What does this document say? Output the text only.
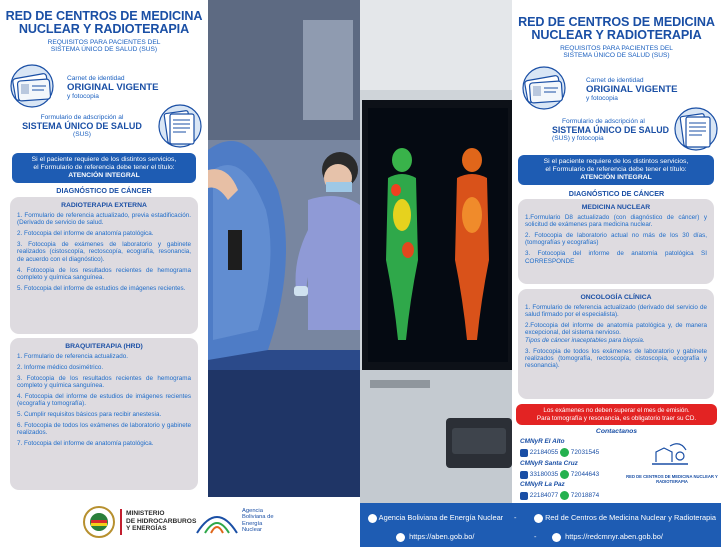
RED DE CENTROS DE MEDICINA
NUCLEAR Y RADIOTERAPIA
REQUISITOS PARA PACIENTES DEL
SISTEMA ÚNICO DE SALUD (SUS)
Carnet de identidad
ORIGINAL VIGENTE
y fotocopia
Formulario de adscripción al
SISTEMA ÚNICO DE SALUD
(SUS)
Si el paciente requiere de los distintos servicios,
el Formulario de referencia debe tener el título:
ATENCIÓN INTEGRAL
DIAGNÓSTICO DE CÁNCER
RADIOTERAPIA EXTERNA

1. Formulario de referencia actualizado, previa estadificación. (Derivado de servicio de salud.

2. Fotocopia del informe de anatomía patológica.

3. Fotocopia de exámenes de laboratorio y gabinete realizados (cistoscopía, rectoscopía, ecografía, resonancia, de acuerdo con el diagnóstico).

4. Fotocopia de los resultados recientes de hemograma completo y química sanguínea.

5. Fotocopia del informe de estudios de imágenes recientes.

BRAQUITERAPIA (HRD)

1. Formulario de referencia actualizado.

2. Informe médico dosimétrico.

3. Fotocopia de los resultados recientes de hemograma completo y química sanguínea.

4. Fotocopia del informe de estudios de imágenes recientes (ecografía y tomografía).

5. Cumplir requisitos básicos para recibir anestesia.

6. Fotocopia de todos los exámenes de laboratorio y gabinete realizados.

7. Fotocopia del informe de anatomía patológica.

RED DE CENTROS DE MEDICINA
NUCLEAR Y RADIOTERAPIA
REQUISITOS PARA PACIENTES DEL
SISTEMA ÚNICO DE SALUD (SUS)
Carnet de identidad
ORIGINAL VIGENTE
y fotocopia
Formulario de adscripción al
SISTEMA ÚNICO DE SALUD
(SUS) y fotocopia
Si el paciente requiere de los distintos servicios,
el Formulario de referencia debe tener el título:
ATENCIÓN INTEGRAL
DIAGNÓSTICO DE CÁNCER
MEDICINA NUCLEAR

1.Formulario D8 actualizado (con diagnóstico de cáncer) y solicitud de exámenes para medicina nuclear.

2. Fotocopia de laboratorio actual no más de los 30 días, (tomografías y ecografías)

3. Fotocopia del informe de anatomía patológica SI CORRESPONDE

ONCOLOGÍA CLÍNICA

1. Formulario de referencia actualizado (derivado del servicio de salud firmado por el especialista).

2.Fotocopia del informe de anatomía patológica y, de manera excepcional, del sistema nervioso.

Tipos de cáncer inaceptables para biopsia.

3. Fotocopia de todos los exámenes de laboratorio y gabinete realizados (tomografía, rectoscopía, cistoscopía, ecografía y resonancia).

Los exámenes no deben superar el mes de emisión.
Para tomografía y resonancia, es obligatorio traer su CD.
Contactanos
CMNyR El Alto
22184055 72031545
CMNyR Santa Cruz
33180035 72044643
CMNyR La Paz
22184077 72018874
RED DE CENTROS DE MEDICINA NUCLEAR Y RADIOTERAPIA
MINISTERIO
DE HIDROCARBUROS
Y ENERGÍAS
Agencia
Boliviana de
Energía
Nuclear
Agencia Boliviana de Energía Nuclear -	Red de Centros de Medicina Nuclear y Radioterapia
https://aben.gob.bo/	-	https://redcmnyr.aben.gob.bo/
